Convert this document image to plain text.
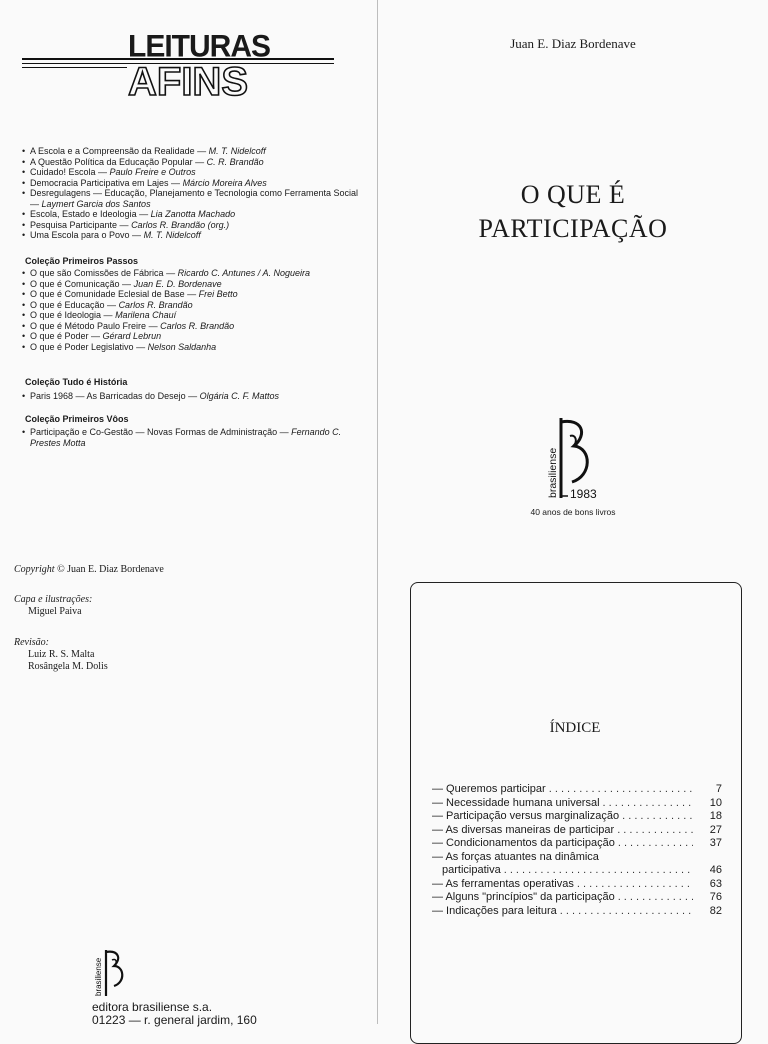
LEITURAS
AFINS
• A Escola e a Compreensão da Realidade — M. T. Nidelcoff
• A Questão Política da Educação Popular — C. R. Brandão
• Cuidado! Escola — Paulo Freire e Outros
• Democracia Participativa em Lajes — Márcio Moreira Alves
• Desregulagens — Educação, Planejamento e Tecnologia como Ferramenta Social — Laymert Garcia dos Santos
• Escola, Estado e Ideologia — Lia Zanotta Machado
• Pesquisa Participante — Carlos R. Brandão (org.)
• Uma Escola para o Povo — M. T. Nidelcoff
Coleção Primeiros Passos
• O que são Comissões de Fábrica — Ricardo C. Antunes / A. Nogueira
• O que é Comunicação — Juan E. D. Bordenave
• O que é Comunidade Eclesial de Base — Frei Betto
• O que é Educação — Carlos R. Brandão
• O que é Ideologia — Marilena Chauí
• O que é Método Paulo Freire — Carlos R. Brandão
• O que é Poder — Gérard Lebrun
• O que é Poder Legislativo — Nelson Saldanha
Coleção Tudo é História
• Paris 1968 — As Barricadas do Desejo — Olgária C. F. Mattos
Coleção Primeiros Vôos
• Participação e Co-Gestão — Novas Formas de Administração — Fernando C. Prestes Motta
Copyright © Juan E. Diaz Bordenave
Capa e ilustrações:
Miguel Paiva
Revisão:
Luiz R. S. Malta
Rosângela M. Dolis
brasiliense
editora brasiliense s.a.
01223 — r. general jardim, 160
Juan E. Diaz Bordenave
O QUE É
PARTICIPAÇÃO
brasiliense 1983
40 anos de bons livros
ÍNDICE
— Queremos participar . . .	7
— Necessidade humana universal . . .	10
— Participação versus marginalização . . .	18
— As diversas maneiras de participar . . .	27
— Condicionamentos da participação . . .	37
— As forças atuantes na dinâmica
participativa . . .	46
— As ferramentas operativas . . .	63
— Alguns "princípios" da participação . . .	76
— Indicações para leitura . . .	82
